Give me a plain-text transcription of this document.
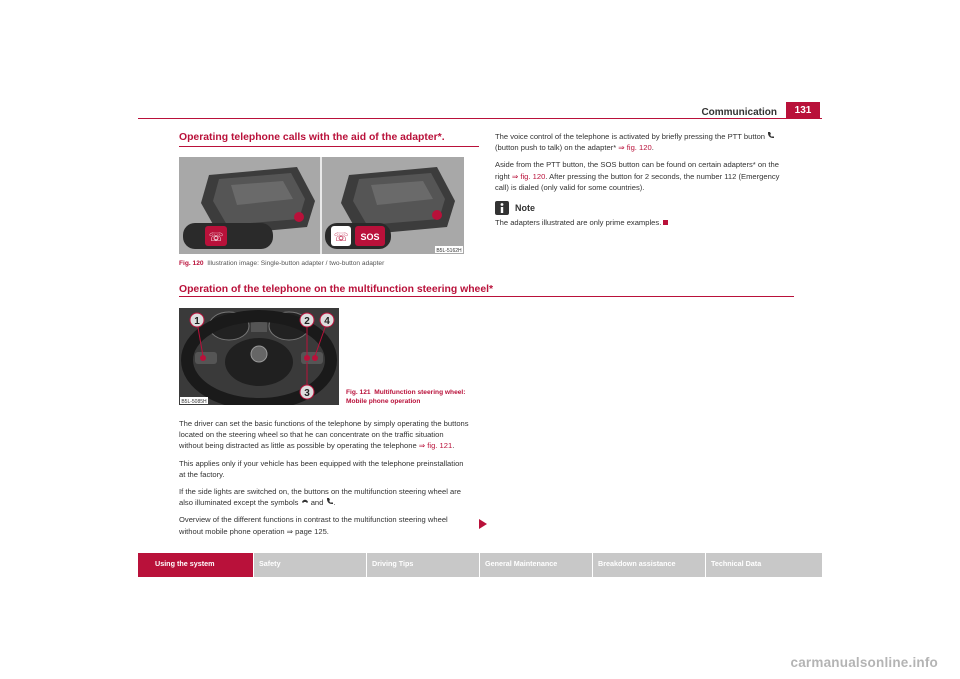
Communication	131
Operating telephone calls with the aid of the adapter*.
☏	☏ SOS
B5L-5162H
Fig. 120 Illustration image: Single-button adapter / two-button adapter

The voice control of the telephone is activated by briefly pressing the PTT button
(button push to talk) on the adapter* ⇒ fig. 120.

Aside from the PTT button, the SOS button can be found on certain adapters* on the
right ⇒ fig. 120. After pressing the button for 2 seconds, the number 112 (Emergency
call) is dialed (only valid for some countries).

Note

The adapters illustrated are only prime examples.

Operation of the telephone on the multifunction steering wheel*
1	2
3
4
B5L-5085H
Fig. 121 Multifunction steering wheel:
Mobile phone operation

The driver can set the basic functions of the telephone by simply operating the buttons
located on the steering wheel so that he can concentrate on the traffic situation
without being distracted as little as possible by operating the telephone ⇒ fig. 121.

This applies only if your vehicle has been equipped with the telephone preinstallation
at the factory.

If the side lights are switched on, the buttons on the multifunction steering wheel are
also illuminated except the symbols and .

Overview of the different functions in contrast to the multifunction steering wheel
without mobile phone operation ⇒ page 125.

Using the system	Safety	Driving Tips	General Maintenance	Breakdown assistance	Technical Data
carmanualsonline.info
